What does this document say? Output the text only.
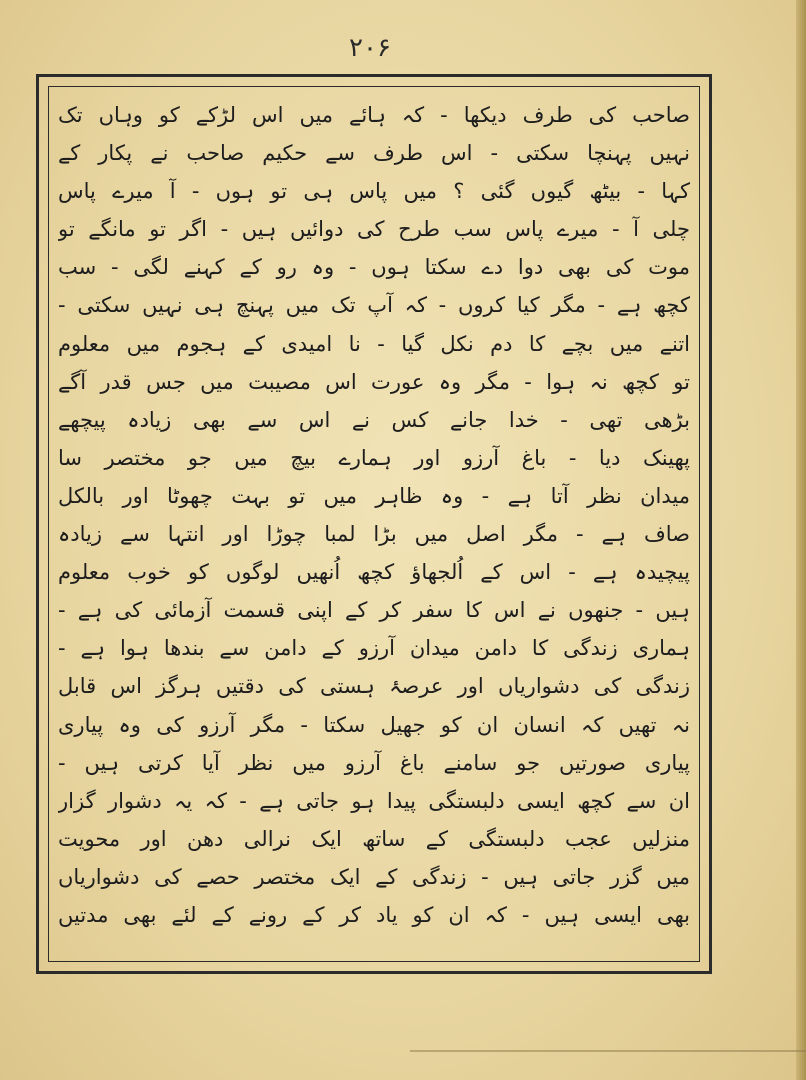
۲۰۶
صاحب کی طرف دیکھا - کہ ہائے میں اس لڑکے کو وہاں تک
نہیں پہنچا سکتی - اس طرف سے حکیم صاحب نے پکار کے
کہا - بیٹھ گیوں گئی ؟ میں پاس ہی تو ہوں - آ میرے پاس
چلی آ - میرے پاس سب طرح کی دوائیں ہیں - اگر تو مانگے تو
موت کی بھی دوا دے سکتا ہوں - وہ رو کے کہنے لگی - سب
کچھ ہے - مگر کیا کروں - کہ آپ تک میں پہنچ ہی نہیں سکتی -
اتنے میں بچے کا دم نکل گیا - نا امیدی کے ہجوم میں معلوم
تو کچھ نہ ہوا - مگر وہ عورت اس مصیبت میں جس قدر آگے
بڑھی تھی - خدا جانے کس نے اس سے بھی زیادہ پیچھے
پھینک دیا - باغ آرزو اور ہمارے بیچ میں جو مختصر سا
میدان نظر آتا ہے - وہ ظاہر میں تو بہت چھوٹا اور بالکل
صاف ہے - مگر اصل میں بڑا لمبا چوڑا اور انتہا سے زیادہ
پیچیدہ ہے - اس کے اُلجھاؤ کچھ اُنھیں لوگوں کو خوب معلوم
ہیں - جنھوں نے اس کا سفر کر کے اپنی قسمت آزمائی کی ہے -
ہماری زندگی کا دامن میدان آرزو کے دامن سے بندھا ہوا ہے -
زندگی کی دشواریاں اور عرصۂ ہستی کی دقتیں ہرگز اس قابل
نہ تھیں کہ انسان ان کو جھیل سکتا - مگر آرزو کی وہ پیاری
پیاری صورتیں جو سامنے باغ آرزو میں نظر آیا کرتی ہیں -
ان سے کچھ ایسی دلبستگی پیدا ہو جاتی ہے - کہ یہ دشوار گزار
منزلیں عجب دلبستگی کے ساتھ ایک نرالی دھن اور محویت
میں گزر جاتی ہیں - زندگی کے ایک مختصر حصے کی دشواریاں
بھی ایسی ہیں - کہ ان کو یاد کر کے رونے کے لئے بھی مدتیں
